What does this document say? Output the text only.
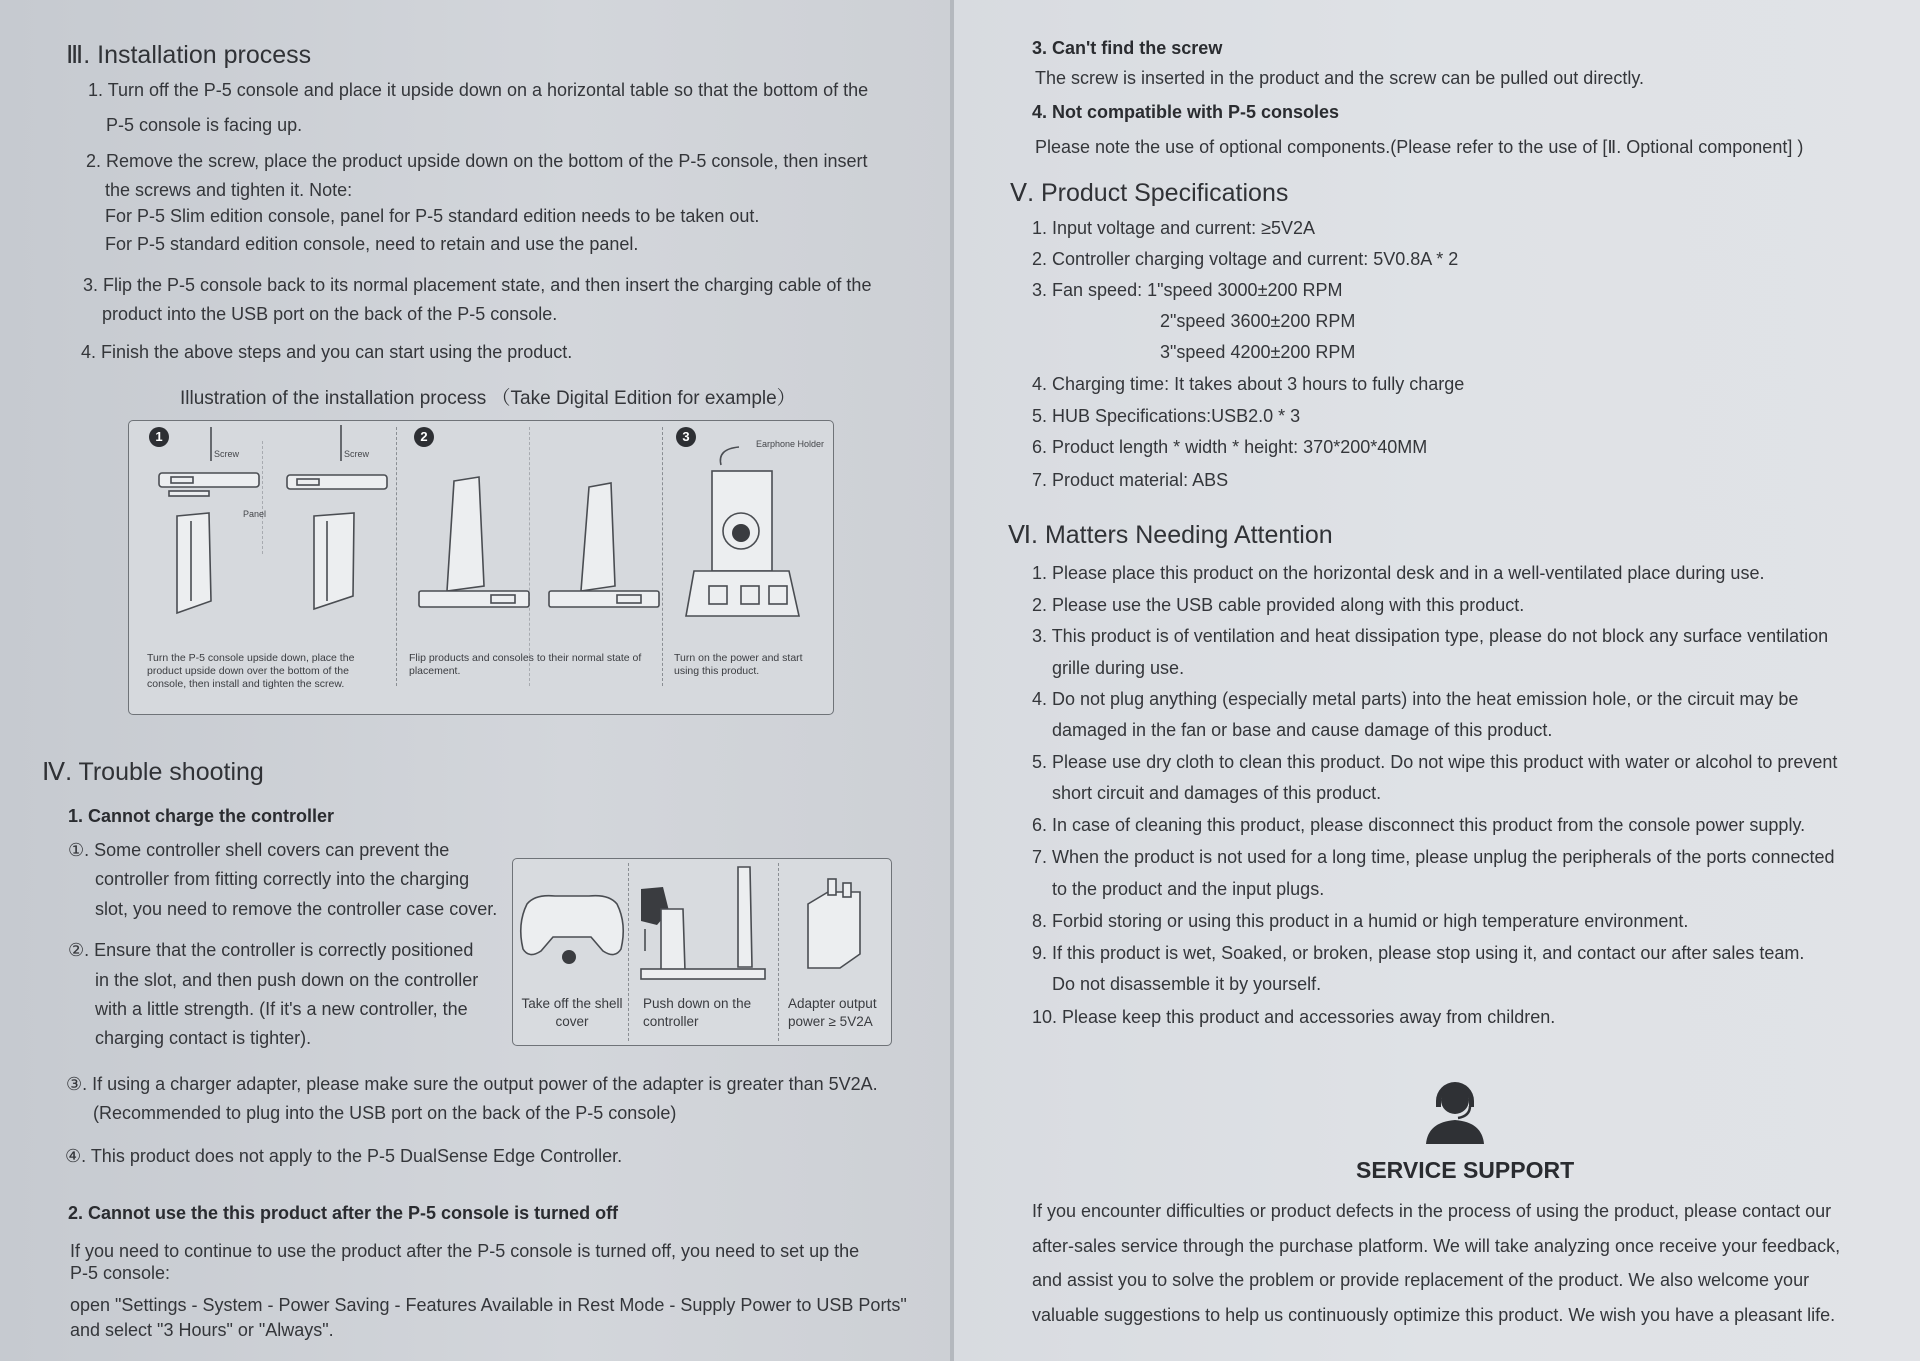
Ⅲ. Installation process
1. Turn off the P-5 console and place it upside down on a horizontal table so that the bottom of the
P-5 console is facing up.
2. Remove the screw, place the product upside down on the bottom of the P-5 console, then insert
the screws and tighten it. Note:
For P-5 Slim edition console, panel for P-5 standard edition needs to be taken out.
For P-5 standard edition console, need to retain and use the panel.
3. Flip the P-5 console back to its normal placement state, and then insert the charging cable of the
product into the USB port on the back of the P-5 console.
4. Finish the above steps and you can start using the product.
Illustration of the installation process （Take Digital Edition for example）
1	2	3
Screw	Screw
Panel
Earphone Holder
Turn the P-5 console upside down, place the product upside down over the bottom of the console, then install and tighten the screw.
Flip products and consoles to their normal state of placement.
Turn on the power and start using this product.
Ⅳ. Trouble shooting
1. Cannot charge the controller
①. Some controller shell covers can prevent the
controller from fitting correctly into the charging
slot, you need to remove the controller case cover.
②. Ensure that the controller is correctly positioned
in the slot, and then push down on the controller
with a little strength. (If it's a new controller, the
charging contact is tighter).
③. If using a charger adapter, please make sure the output power of the adapter is greater than 5V2A.
(Recommended to plug into the USB port on the back of the P-5 console)
④. This product does not apply to the P-5 DualSense Edge Controller.
Take off the shell cover
Push down on the controller
Adapter output power ≥ 5V2A
2. Cannot use the this product after the P-5 console is turned off
If you need to continue to use the product after the P-5 console is turned off, you need to set up the
P-5 console:
open "Settings - System - Power Saving - Features Available in Rest Mode - Supply Power to USB Ports"
and select "3 Hours" or "Always".
3. Can't find the screw
The screw is inserted in the product and the screw can be pulled out directly.
4. Not compatible with P-5 consoles
Please note the use of optional components.(Please refer to the use of [Ⅱ. Optional component] )
Ⅴ. Product Specifications
1. Input voltage and current: ≥5V2A
2. Controller charging voltage and current: 5V0.8A * 2
3. Fan speed: 1"speed 3000±200 RPM
2"speed 3600±200 RPM
3"speed 4200±200 RPM
4. Charging time: It takes about 3 hours to fully charge
5. HUB Specifications:USB2.0 * 3
6. Product length * width * height: 370*200*40MM
7. Product material: ABS
Ⅵ. Matters Needing Attention
1. Please place this product on the horizontal desk and in a well-ventilated place during use.
2. Please use the USB cable provided along with this product.
3. This product is of ventilation and heat dissipation type, please do not block any surface ventilation
grille during use.
4. Do not plug anything (especially metal parts) into the heat emission hole, or the circuit may be
damaged in the fan or base and cause damage of this product.
5. Please use dry cloth to clean this product. Do not wipe this product with water or alcohol to prevent
short circuit and damages of this product.
6. In case of cleaning this product, please disconnect this product from the console power supply.
7. When the product is not used for a long time, please unplug the peripherals of the ports connected
to the product and the input plugs.
8. Forbid storing or using this product in a humid or high temperature environment.
9. If this product is wet, Soaked, or broken, please stop using it, and contact our after sales team.
Do not disassemble it by yourself.
10. Please keep this product and accessories away from children.
SERVICE SUPPORT
If you encounter difficulties or product defects in the process of using the product, please contact our
after-sales service through the purchase platform. We will take analyzing once receive your feedback,
and assist you to solve the problem or provide replacement of the product. We also welcome your
valuable suggestions to help us continuously optimize this product. We wish you have a pleasant life.
